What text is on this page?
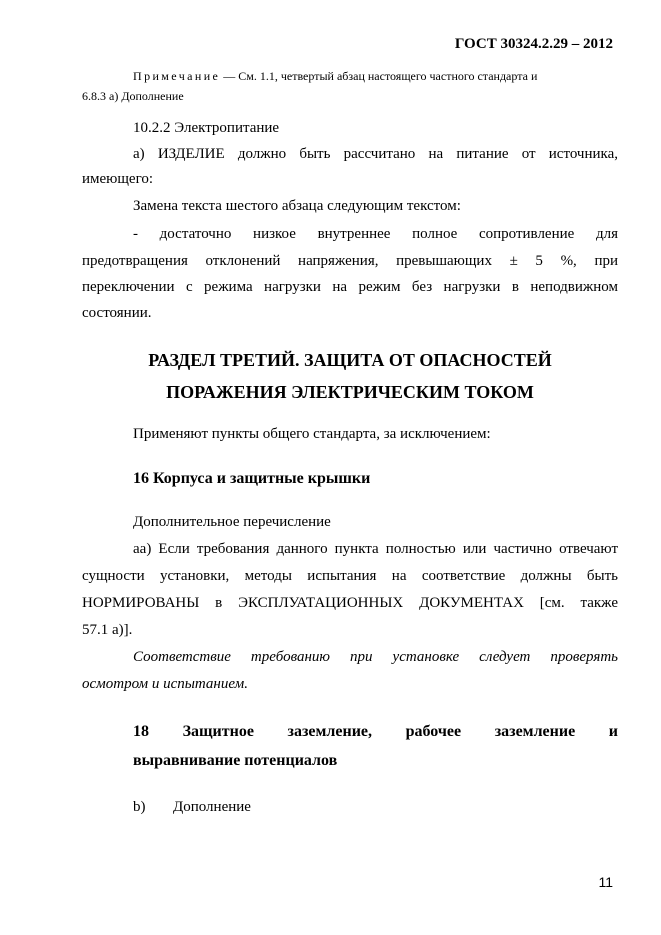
ГОСТ 30324.2.29 – 2012
Примечание — См. 1.1, четвертый абзац настоящего частного стандарта и
6.8.3 а) Дополнение
10.2.2 Электропитание
а) ИЗДЕЛИЕ должно быть рассчитано на питание от источника,
имеющего:
Замена текста шестого абзаца следующим текстом:
- достаточно низкое внутреннее полное сопротивление для
предотвращения отклонений напряжения, превышающих ± 5 %, при
переключении с режима нагрузки на режим без нагрузки в неподвижном
состоянии.
РАЗДЕЛ ТРЕТИЙ. ЗАЩИТА ОТ ОПАСНОСТЕЙ
ПОРАЖЕНИЯ ЭЛЕКТРИЧЕСКИМ ТОКОМ
Применяют пункты общего стандарта, за исключением:
16 Корпуса и защитные крышки
Дополнительное перечисление
аа) Если требования данного пункта полностью или частично отвечают
сущности установки, методы испытания на соответствие должны быть
НОРМИРОВАНЫ в ЭКСПЛУАТАЦИОННЫХ ДОКУМЕНТАХ [см. также
57.1 а)].
Соответствие требованию при установке следует проверять
осмотром и испытанием.
18 Защитное заземление, рабочее заземление и
выравнивание потенциалов
b) Дополнение
11
